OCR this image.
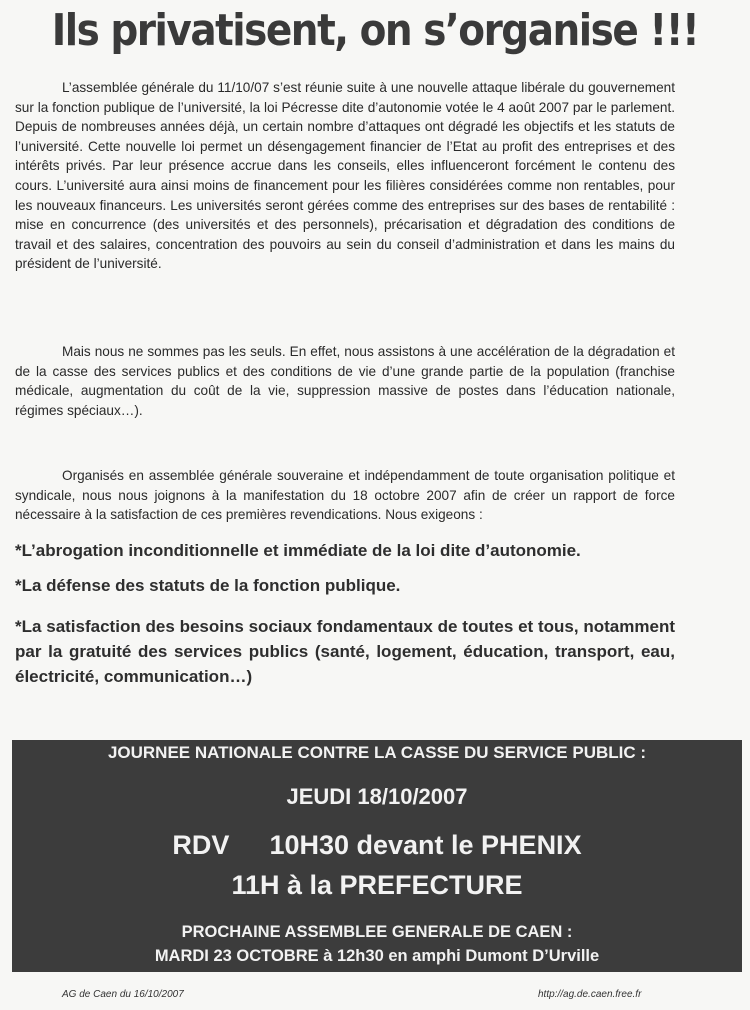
Ils privatisent, on s’organise !!!

L’assemblée générale du 11/10/07 s’est réunie suite à une nouvelle attaque libérale du gouvernement sur la fonction publique de l’université, la loi Pécresse dite d’autonomie votée le 4 août 2007 par le parlement. Depuis de nombreuses années déjà, un certain nombre d’attaques ont dégradé les objectifs et les statuts de l’université. Cette nouvelle loi permet un désengagement financier de l’Etat au profit des entreprises et des intérêts privés. Par leur présence accrue dans les conseils, elles influenceront forcément le contenu des cours. L’université aura ainsi moins de financement pour les filières considérées comme non rentables, pour les nouveaux financeurs. Les universités seront gérées comme des entreprises sur des bases de rentabilité : mise en concurrence (des universités et des personnels), précarisation et dégradation des conditions de travail et des salaires, concentration des pouvoirs au sein du conseil d’administration et dans les mains du président de l’université.

Mais nous ne sommes pas les seuls. En effet, nous assistons à une accélération de la dégradation et de la casse des services publics et des conditions de vie d’une grande partie de la population (franchise médicale, augmentation du coût de la vie, suppression massive de postes dans l’éducation nationale, régimes spéciaux…).

Organisés en assemblée générale souveraine et indépendamment de toute organisation politique et syndicale, nous nous joignons à la manifestation du 18 octobre 2007 afin de créer un rapport de force nécessaire à la satisfaction de ces premières revendications. Nous exigeons :

*L’abrogation inconditionnelle et immédiate de la loi dite d’autonomie.

*La défense des statuts de la fonction publique.

*La satisfaction des besoins sociaux fondamentaux de toutes et tous, notamment par la gratuité des services publics (santé, logement, éducation, transport, eau, électricité, communication…)

JOURNEE NATIONALE CONTRE LA CASSE DU SERVICE PUBLIC :
JEUDI 18/10/2007
RDV 10H30 devant le PHENIX
11H à la PREFECTURE
PROCHAINE ASSEMBLEE GENERALE DE CAEN :
MARDI 23 OCTOBRE à 12h30 en amphi Dumont D’Urville
AG de Caen du 16/10/2007	http://ag.de.caen.free.fr
